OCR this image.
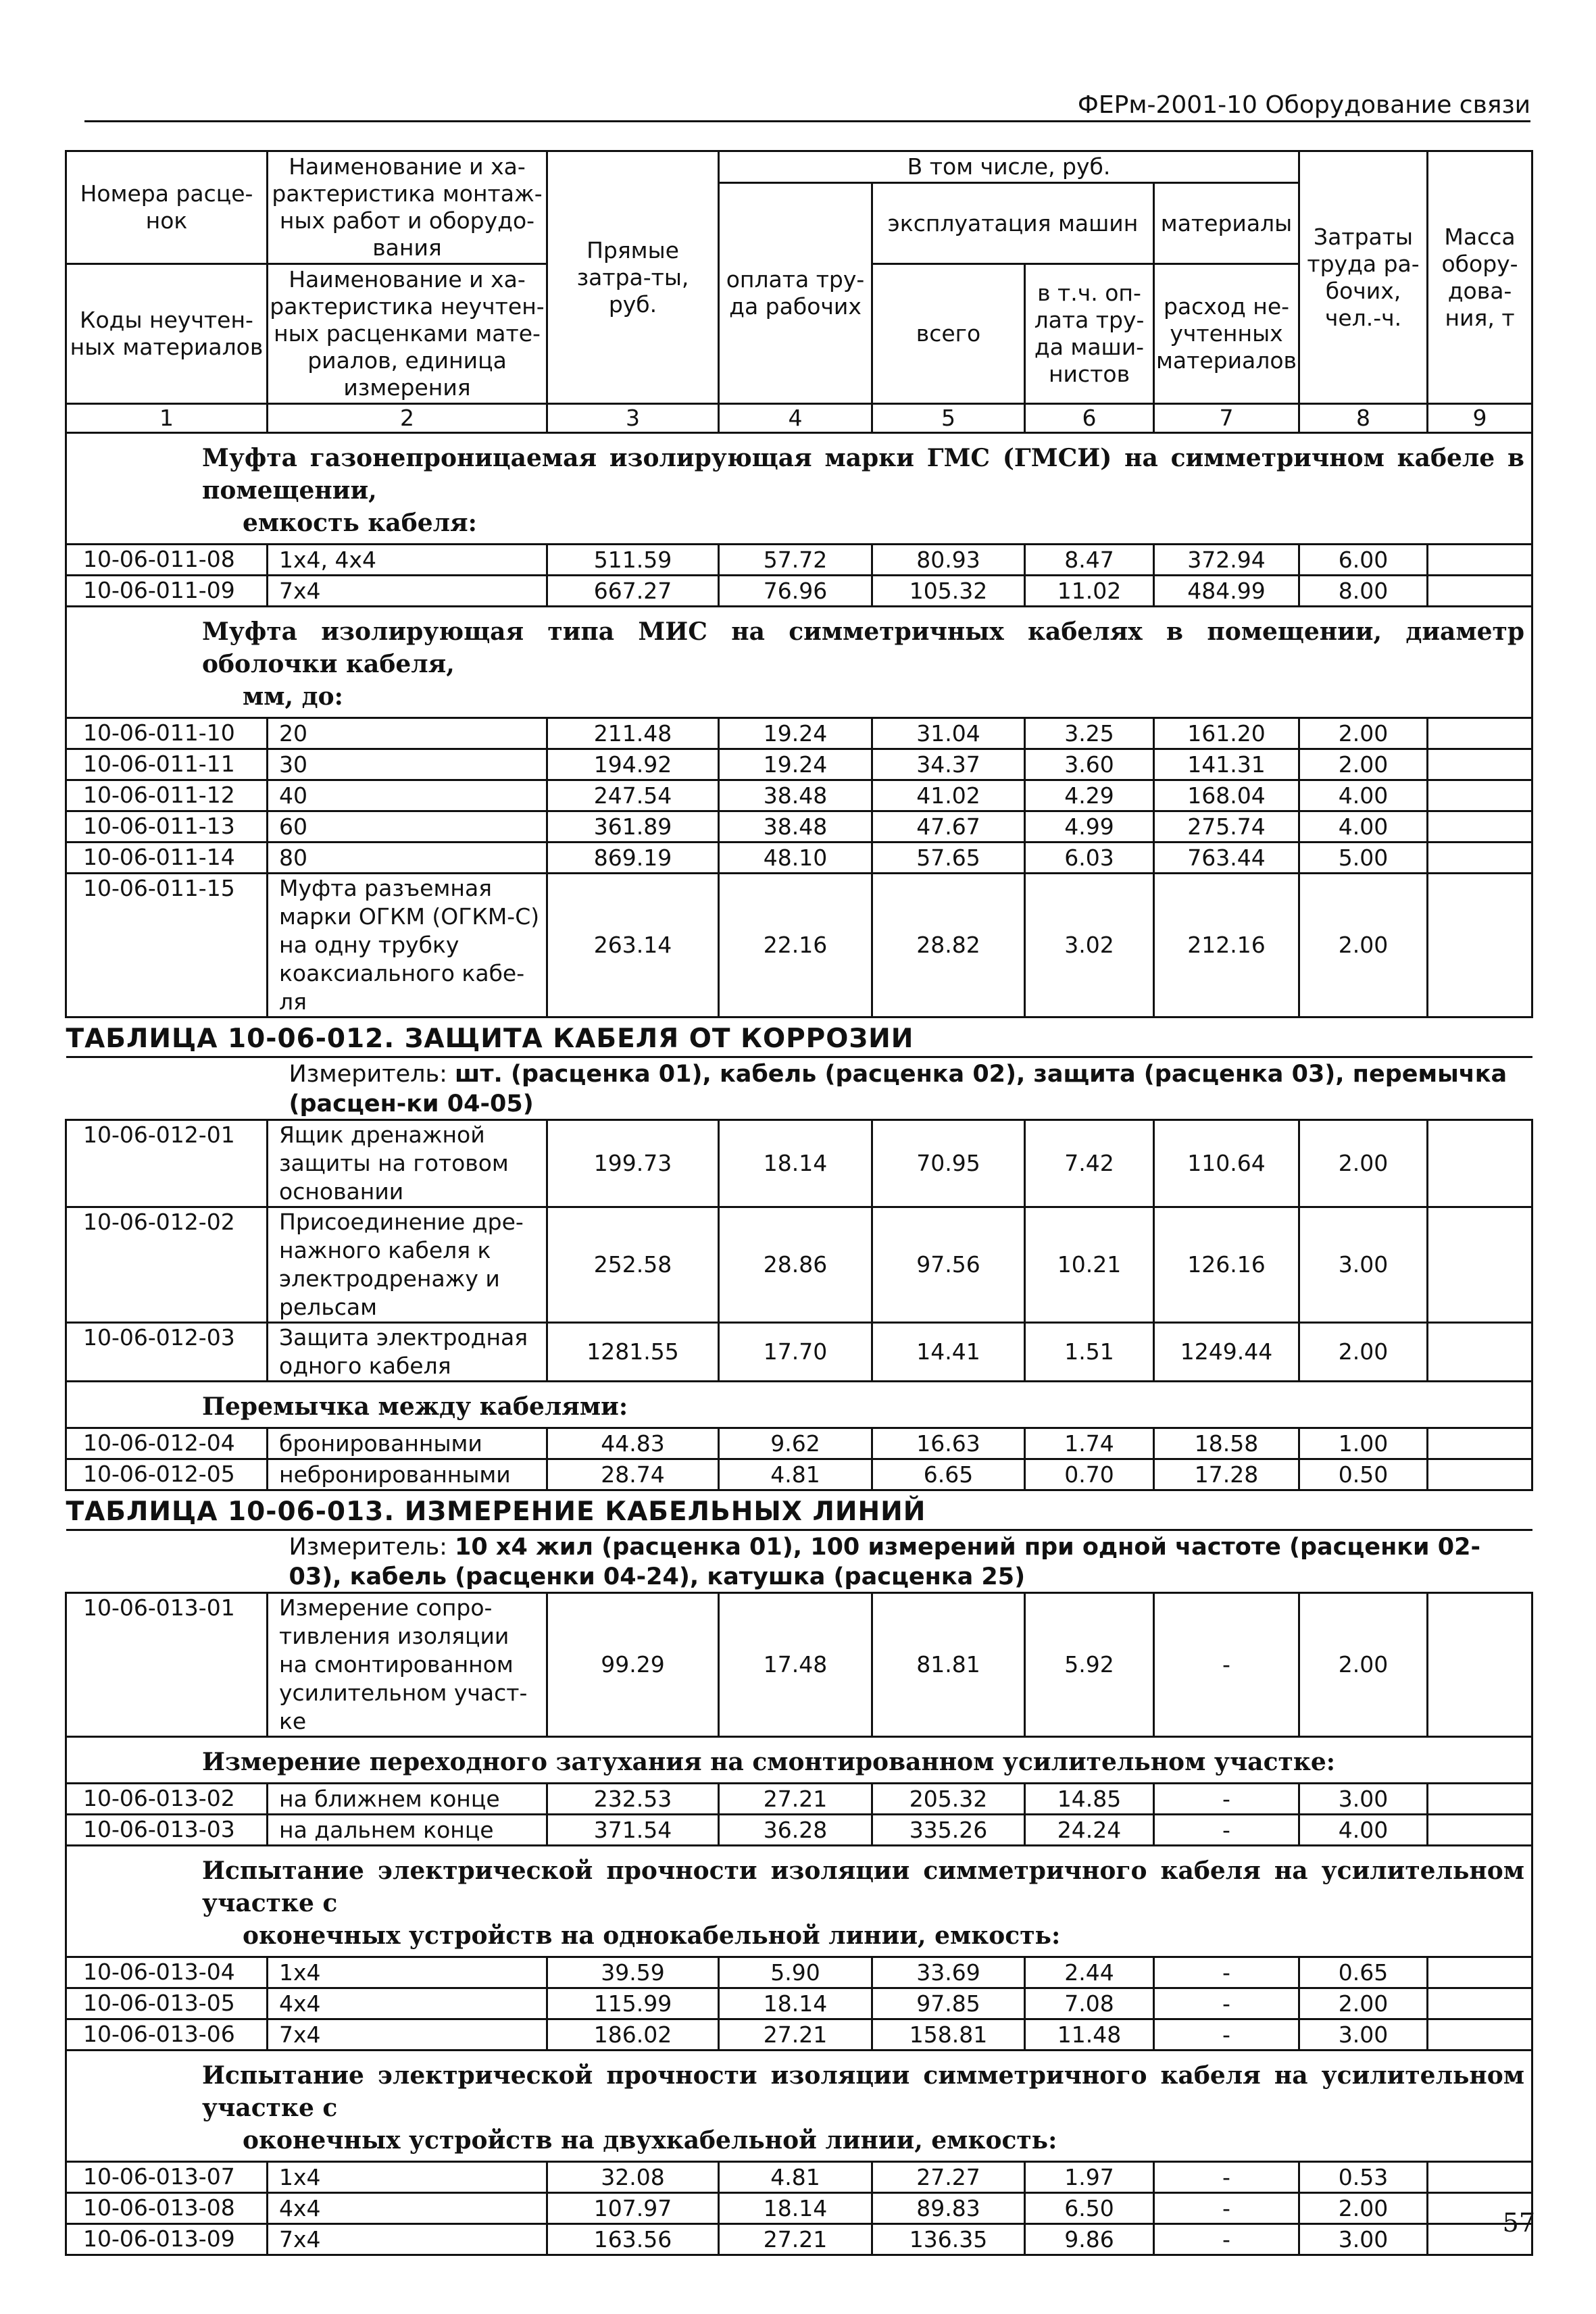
ФЕРм-2001-10 Оборудование связи
Номера расце-нок	Наименование и ха-рактеристика монтаж-ных работ и оборудо-вания	Прямые затра-ты, руб.	В том числе, руб.				Затраты труда ра-бочих, чел.-ч.	Масса обору-дова-ния, т
			оплата тру-да рабочих	эксплуатация машин		материалы		

Коды неучтен-ных материалов	Наименование и ха-рактеристика неучтен-ных расценками мате-риалов, единица измерения			всего	в т.ч. оп-лата тру-да маши-нистов	расход не-учтенных материалов		

1	2	3	4	5	6	7	8	9
Муфта газонепроницаемая изолирующая марки ГМС (ГМСИ) на симметричном кабеле в помещении,
емкость кабеля:								
10-06-011-08	1x4, 4x4	511.59	57.72	80.93	8.47	372.94	6.00	
10-06-011-09	7x4	667.27	76.96	105.32	11.02	484.99	8.00	
Муфта изолирующая типа МИС на симметричных кабелях в помещении, диаметр оболочки кабеля,
мм, до:								
10-06-011-10	20	211.48	19.24	31.04	3.25	161.20	2.00	
10-06-011-11	30	194.92	19.24	34.37	3.60	141.31	2.00	
10-06-011-12	40	247.54	38.48	41.02	4.29	168.04	4.00	
10-06-011-13	60	361.89	38.48	47.67	4.99	275.74	4.00	
10-06-011-14	80	869.19	48.10	57.65	6.03	763.44	5.00	
10-06-011-15	Муфта разъемная марки ОГКМ (ОГКМ-С) на одну трубку коаксиального кабе-ля	263.14	22.16	28.82	3.02	212.16	2.00	
ТАБЛИЦА 10-06-012. ЗАЩИТА КАБЕЛЯ ОТ КОРРОЗИИ								
Измеритель: шт. (расценка 01), кабель (расценка 02), защита (расценка 03), перемычка (расцен-ки 04-05)								
10-06-012-01	Ящик дренажной защиты на готовом основании	199.73	18.14	70.95	7.42	110.64	2.00	
10-06-012-02	Присоединение дре-нажного кабеля к электродренажу и рельсам	252.58	28.86	97.56	10.21	126.16	3.00	
10-06-012-03	Защита электродная одного кабеля	1281.55	17.70	14.41	1.51	1249.44	2.00	
Перемычка между кабелями:								
10-06-012-04	бронированными	44.83	9.62	16.63	1.74	18.58	1.00	
10-06-012-05	небронированными	28.74	4.81	6.65	0.70	17.28	0.50	
ТАБЛИЦА 10-06-013. ИЗМЕРЕНИЕ КАБЕЛЬНЫХ ЛИНИЙ								
Измеритель: 10 x4 жил (расценка 01), 100 измерений при одной частоте (расценки 02-03), кабель (расценки 04-24), катушка (расценка 25)								
10-06-013-01	Измерение сопро-тивления изоляции на смонтированном усилительном участ-ке	99.29	17.48	81.81	5.92	-	2.00	
Измерение переходного затухания на смонтированном усилительном участке:								
10-06-013-02	на ближнем конце	232.53	27.21	205.32	14.85	-	3.00	
10-06-013-03	на дальнем конце	371.54	36.28	335.26	24.24	-	4.00	
Испытание электрической прочности изоляции симметричного кабеля на усилительном участке с
оконечных устройств на однокабельной линии, емкость:								
10-06-013-04	1x4	39.59	5.90	33.69	2.44	-	0.65	
10-06-013-05	4x4	115.99	18.14	97.85	7.08	-	2.00	
10-06-013-06	7x4	186.02	27.21	158.81	11.48	-	3.00	
Испытание электрической прочности изоляции симметричного кабеля на усилительном участке с
оконечных устройств на двухкабельной линии, емкость:								
10-06-013-07	1x4	32.08	4.81	27.27	1.97	-	0.53	
10-06-013-08	4x4	107.97	18.14	89.83	6.50	-	2.00	
10-06-013-09	7x4	163.56	27.21	136.35	9.86	-	3.00	
57
